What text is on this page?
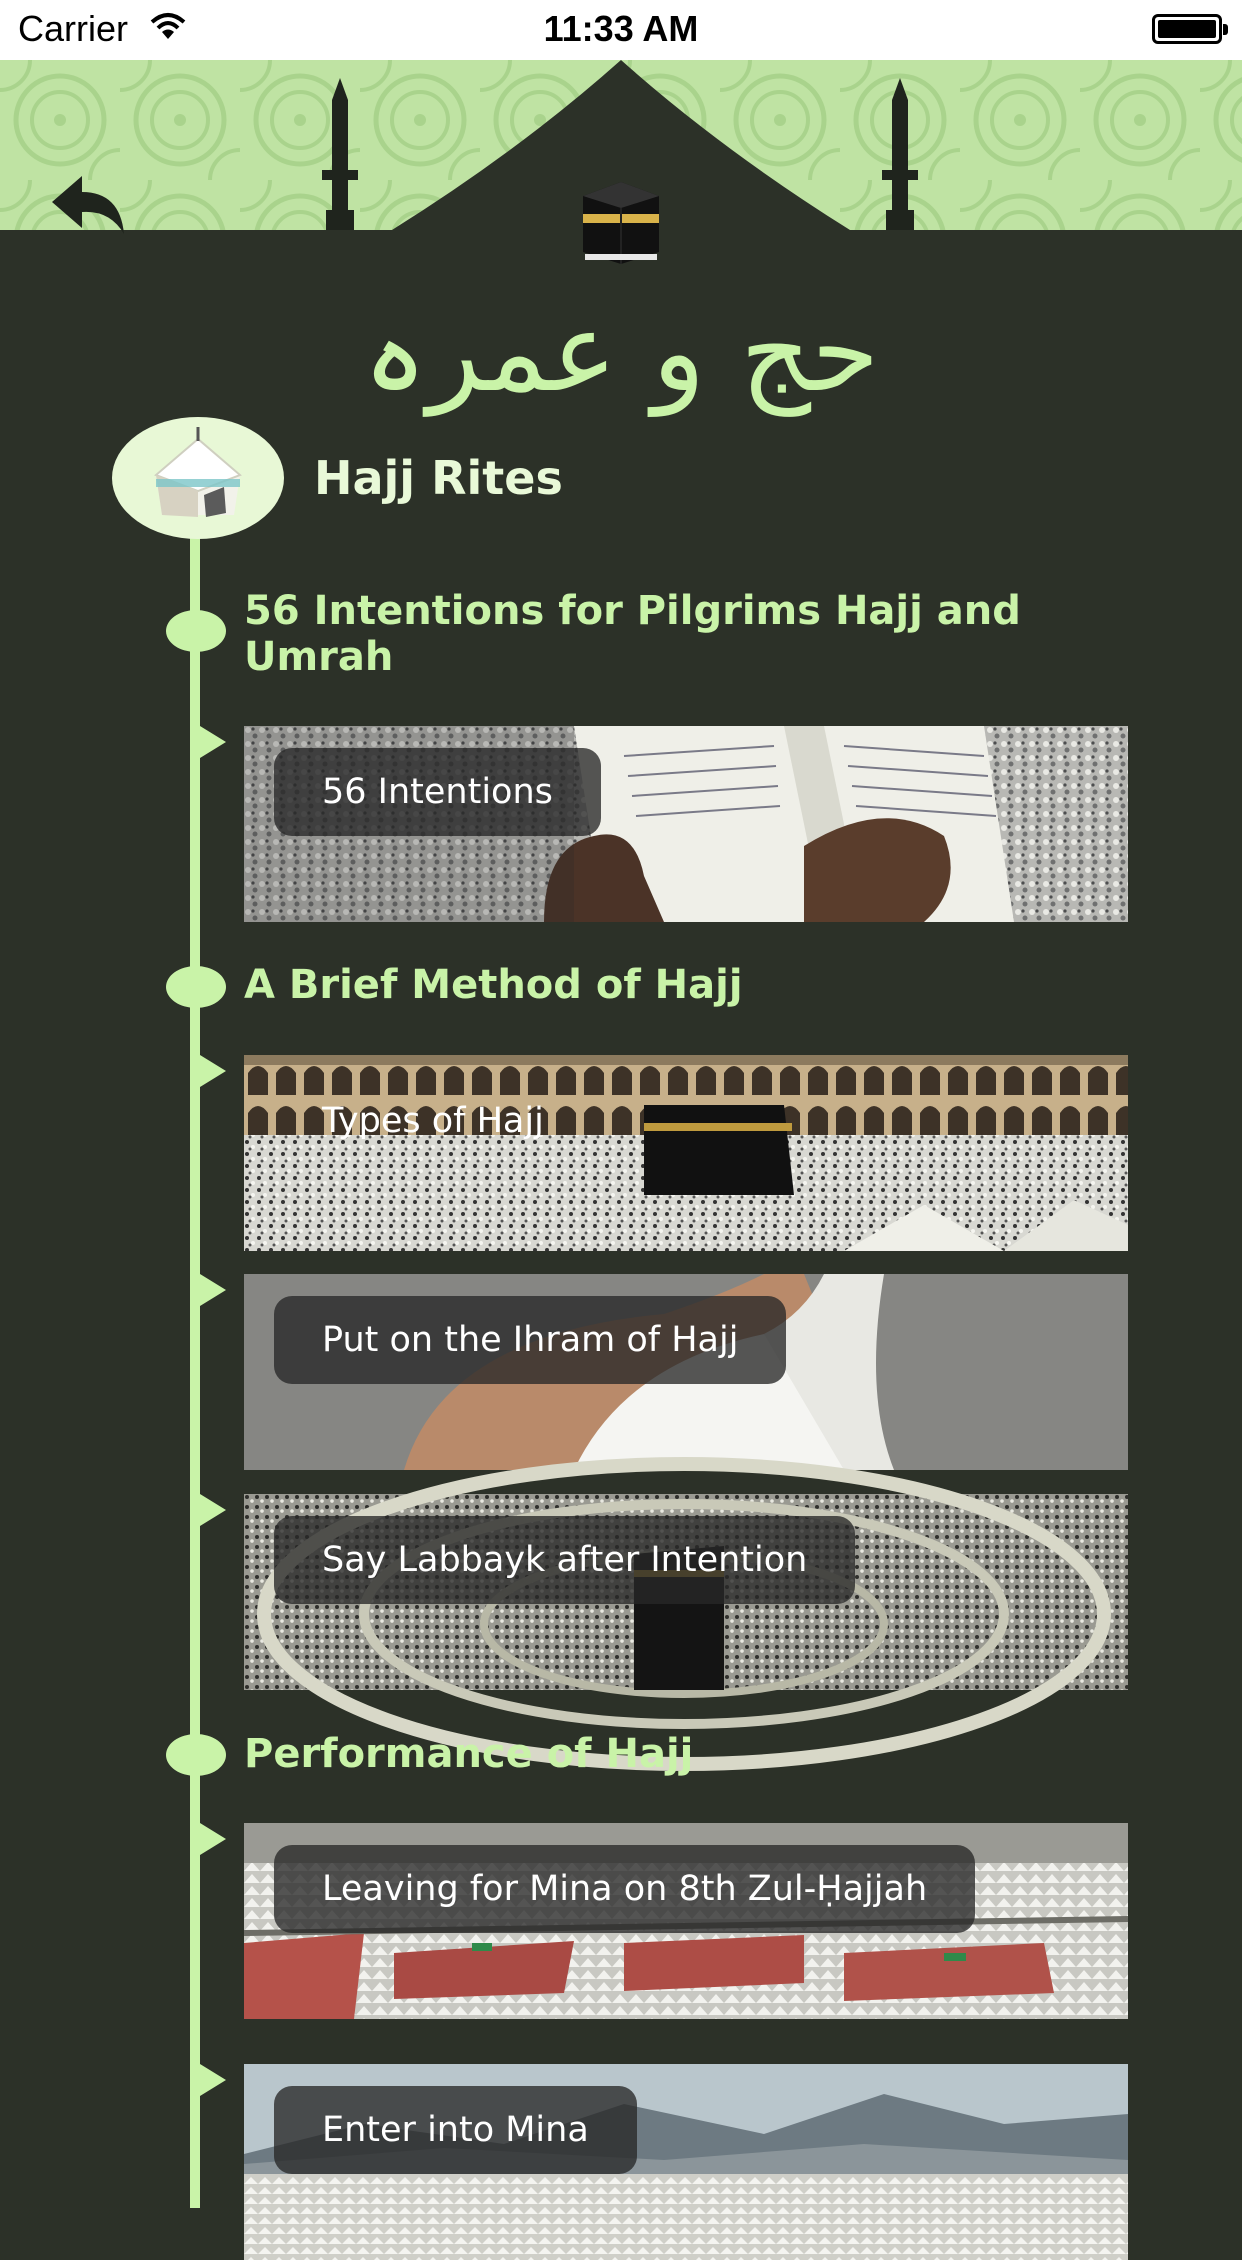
Carrier	11:33 AM
حج و عمرہ
Hajj Rites
56 Intentions for Pilgrims Hajj and Umrah
56 Intentions
A Brief Method of Hajj
Types of Hajj
Put on the Ihram of Hajj
Say Labbayk after Intention
Performance of Hajj
Leaving for Mina on 8th Zul-Ḥajjah
Enter into Mina
